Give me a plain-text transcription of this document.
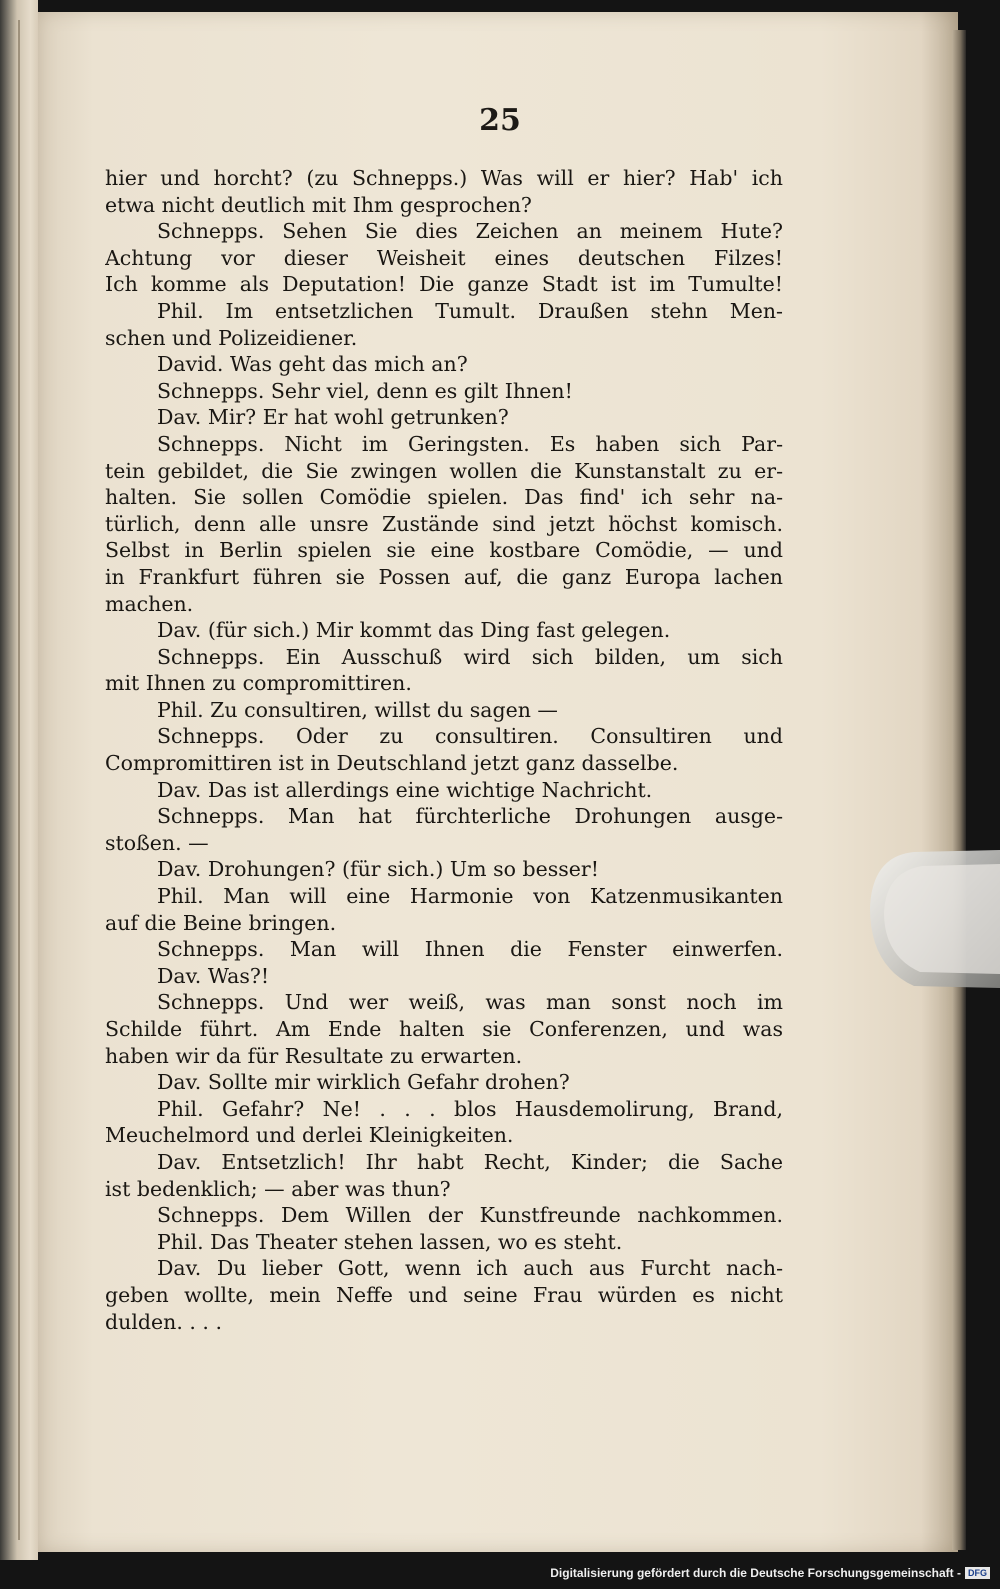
25
hier und horcht? (zu Schnepps.) Was will er hier? Hab' ich
etwa nicht deutlich mit Ihm gesprochen?
Schnepps. Sehen Sie dies Zeichen an meinem Hute?
Achtung vor dieser Weisheit eines deutschen Filzes!
Ich komme als Deputation! Die ganze Stadt ist im Tumulte!
Phil. Im entsetzlichen Tumult. Draußen stehn Men-
schen und Polizeidiener.
David. Was geht das mich an?
Schnepps. Sehr viel, denn es gilt Ihnen!
Dav. Mir? Er hat wohl getrunken?
Schnepps. Nicht im Geringsten. Es haben sich Par-
tein gebildet, die Sie zwingen wollen die Kunstanstalt zu er-
halten. Sie sollen Comödie spielen. Das find' ich sehr na-
türlich, denn alle unsre Zustände sind jetzt höchst komisch.
Selbst in Berlin spielen sie eine kostbare Comödie, — und
in Frankfurt führen sie Possen auf, die ganz Europa lachen
machen.
Dav. (für sich.) Mir kommt das Ding fast gelegen.
Schnepps. Ein Ausschuß wird sich bilden, um sich
mit Ihnen zu compromittiren.
Phil. Zu consultiren, willst du sagen —
Schnepps. Oder zu consultiren. Consultiren und
Compromittiren ist in Deutschland jetzt ganz dasselbe.
Dav. Das ist allerdings eine wichtige Nachricht.
Schnepps. Man hat fürchterliche Drohungen ausge-
stoßen. —
Dav. Drohungen? (für sich.) Um so besser!
Phil. Man will eine Harmonie von Katzenmusikanten
auf die Beine bringen.
Schnepps. Man will Ihnen die Fenster einwerfen.
Dav. Was?!
Schnepps. Und wer weiß, was man sonst noch im
Schilde führt. Am Ende halten sie Conferenzen, und was
haben wir da für Resultate zu erwarten.
Dav. Sollte mir wirklich Gefahr drohen?
Phil. Gefahr? Ne! . . . blos Hausdemolirung, Brand,
Meuchelmord und derlei Kleinigkeiten.
Dav. Entsetzlich! Ihr habt Recht, Kinder; die Sache
ist bedenklich; — aber was thun?
Schnepps. Dem Willen der Kunstfreunde nachkommen.
Phil. Das Theater stehen lassen, wo es steht.
Dav. Du lieber Gott, wenn ich auch aus Furcht nach-
geben wollte, mein Neffe und seine Frau würden es nicht
dulden. . . .
Digitalisierung gefördert durch die Deutsche Forschungsgemeinschaft - DFG
